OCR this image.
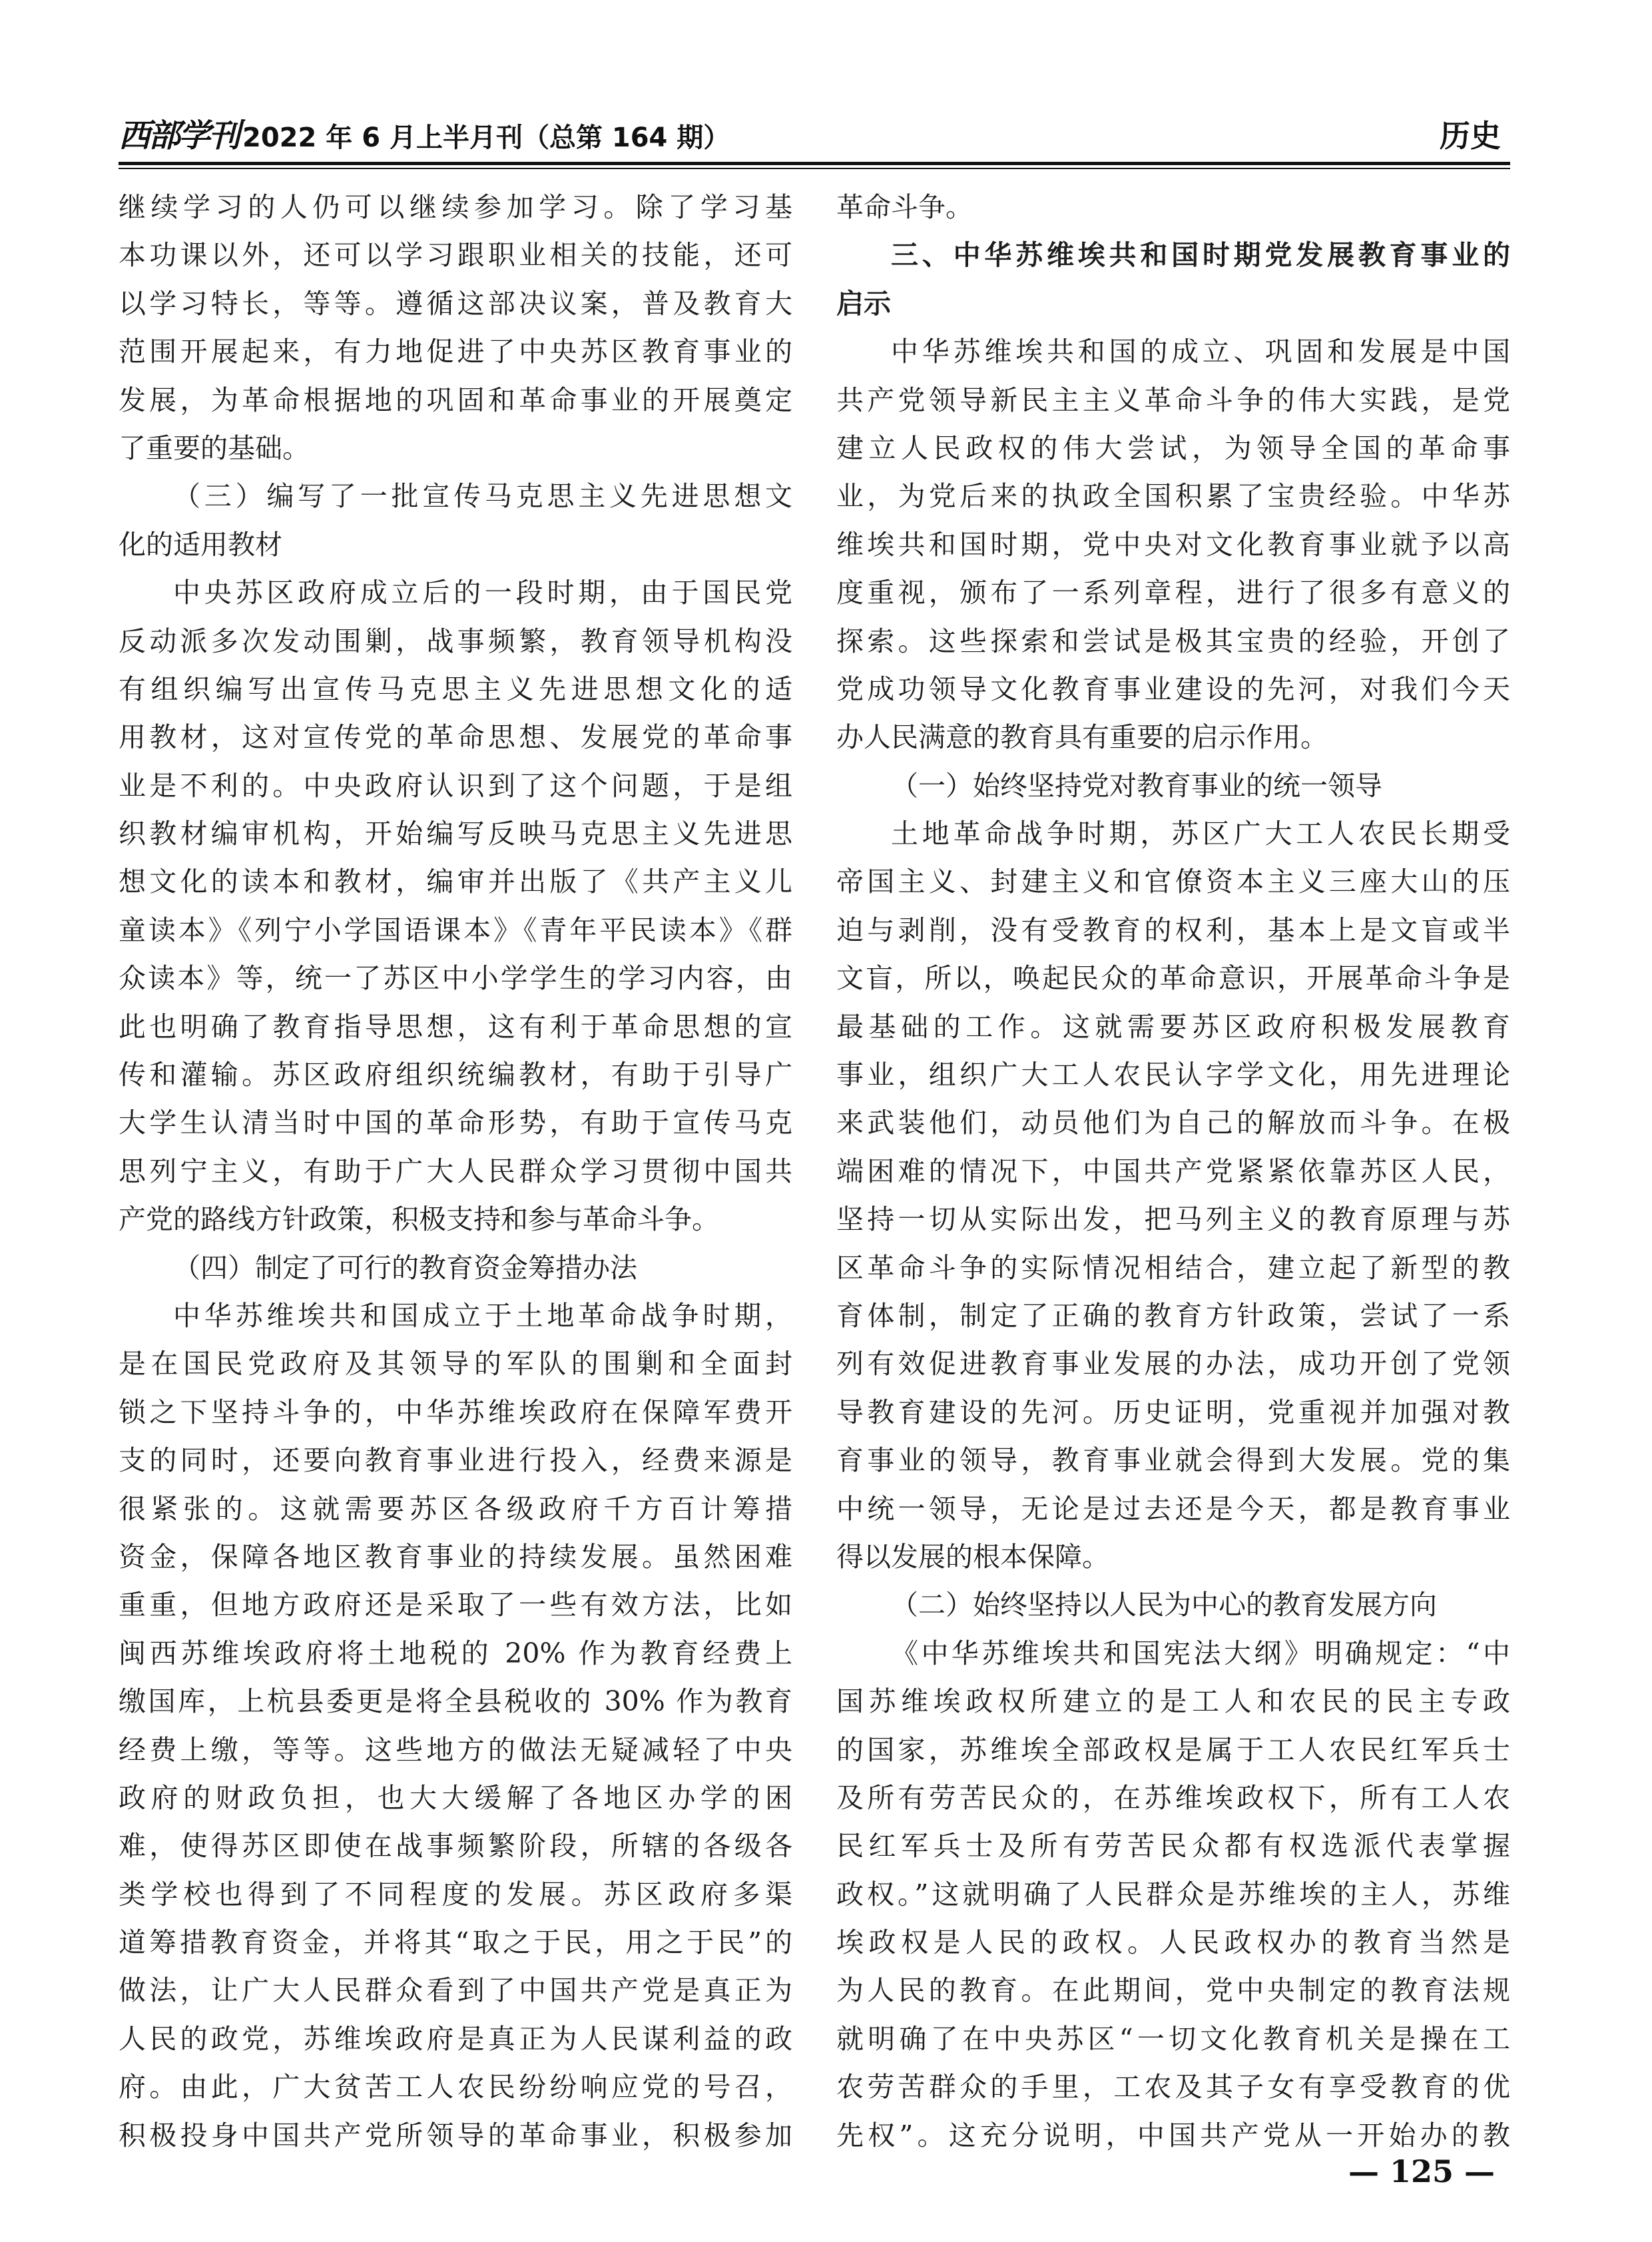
西部学刊 2022 年 6 月上半月刊（总第 164 期）	历史
继续学习的人仍可以继续参加学习。除了学习基
本功课以外，还可以学习跟职业相关的技能，还可
以学习特长，等等。遵循这部决议案，普及教育大
范围开展起来，有力地促进了中央苏区教育事业的
发展，为革命根据地的巩固和革命事业的开展奠定
了重要的基础。
（三）编写了一批宣传马克思主义先进思想文
化的适用教材
中央苏区政府成立后的一段时期，由于国民党
反动派多次发动围剿，战事频繁，教育领导机构没
有组织编写出宣传马克思主义先进思想文化的适
用教材，这对宣传党的革命思想、发展党的革命事
业是不利的。中央政府认识到了这个问题，于是组
织教材编审机构，开始编写反映马克思主义先进思
想文化的读本和教材，编审并出版了《共产主义儿
童读本》《列宁小学国语课本》《青年平民读本》《群
众读本》等，统一了苏区中小学学生的学习内容，由
此也明确了教育指导思想，这有利于革命思想的宣
传和灌输。苏区政府组织统编教材，有助于引导广
大学生认清当时中国的革命形势，有助于宣传马克
思列宁主义，有助于广大人民群众学习贯彻中国共
产党的路线方针政策，积极支持和参与革命斗争。
（四）制定了可行的教育资金筹措办法
中华苏维埃共和国成立于土地革命战争时期，
是在国民党政府及其领导的军队的围剿和全面封
锁之下坚持斗争的，中华苏维埃政府在保障军费开
支的同时，还要向教育事业进行投入，经费来源是
很紧张的。这就需要苏区各级政府千方百计筹措
资金，保障各地区教育事业的持续发展。虽然困难
重重，但地方政府还是采取了一些有效方法，比如
闽西苏维埃政府将土地税的 20% 作为教育经费上
缴国库，上杭县委更是将全县税收的 30% 作为教育
经费上缴，等等。这些地方的做法无疑减轻了中央
政府的财政负担，也大大缓解了各地区办学的困
难，使得苏区即使在战事频繁阶段，所辖的各级各
类学校也得到了不同程度的发展。苏区政府多渠
道筹措教育资金，并将其“取之于民，用之于民”的
做法，让广大人民群众看到了中国共产党是真正为
人民的政党，苏维埃政府是真正为人民谋利益的政
府。由此，广大贫苦工人农民纷纷响应党的号召，
积极投身中国共产党所领导的革命事业，积极参加
革命斗争。
三、中华苏维埃共和国时期党发展教育事业的
启示
中华苏维埃共和国的成立、巩固和发展是中国
共产党领导新民主主义革命斗争的伟大实践，是党
建立人民政权的伟大尝试，为领导全国的革命事
业，为党后来的执政全国积累了宝贵经验。中华苏
维埃共和国时期，党中央对文化教育事业就予以高
度重视，颁布了一系列章程，进行了很多有意义的
探索。这些探索和尝试是极其宝贵的经验，开创了
党成功领导文化教育事业建设的先河，对我们今天
办人民满意的教育具有重要的启示作用。
（一）始终坚持党对教育事业的统一领导
土地革命战争时期，苏区广大工人农民长期受
帝国主义、封建主义和官僚资本主义三座大山的压
迫与剥削，没有受教育的权利，基本上是文盲或半
文盲，所以，唤起民众的革命意识，开展革命斗争是
最基础的工作。这就需要苏区政府积极发展教育
事业，组织广大工人农民认字学文化，用先进理论
来武装他们，动员他们为自己的解放而斗争。在极
端困难的情况下，中国共产党紧紧依靠苏区人民，
坚持一切从实际出发，把马列主义的教育原理与苏
区革命斗争的实际情况相结合，建立起了新型的教
育体制，制定了正确的教育方针政策，尝试了一系
列有效促进教育事业发展的办法，成功开创了党领
导教育建设的先河。历史证明，党重视并加强对教
育事业的领导，教育事业就会得到大发展。党的集
中统一领导，无论是过去还是今天，都是教育事业
得以发展的根本保障。
（二）始终坚持以人民为中心的教育发展方向
《中华苏维埃共和国宪法大纲》明确规定：“中
国苏维埃政权所建立的是工人和农民的民主专政
的国家，苏维埃全部政权是属于工人农民红军兵士
及所有劳苦民众的，在苏维埃政权下，所有工人农
民红军兵士及所有劳苦民众都有权选派代表掌握
政权。”这就明确了人民群众是苏维埃的主人，苏维
埃政权是人民的政权。人民政权办的教育当然是
为人民的教育。在此期间，党中央制定的教育法规
就明确了在中央苏区“一切文化教育机关是操在工
农劳苦群众的手里，工农及其子女有享受教育的优
先权”。这充分说明，中国共产党从一开始办的教
— 125 —
